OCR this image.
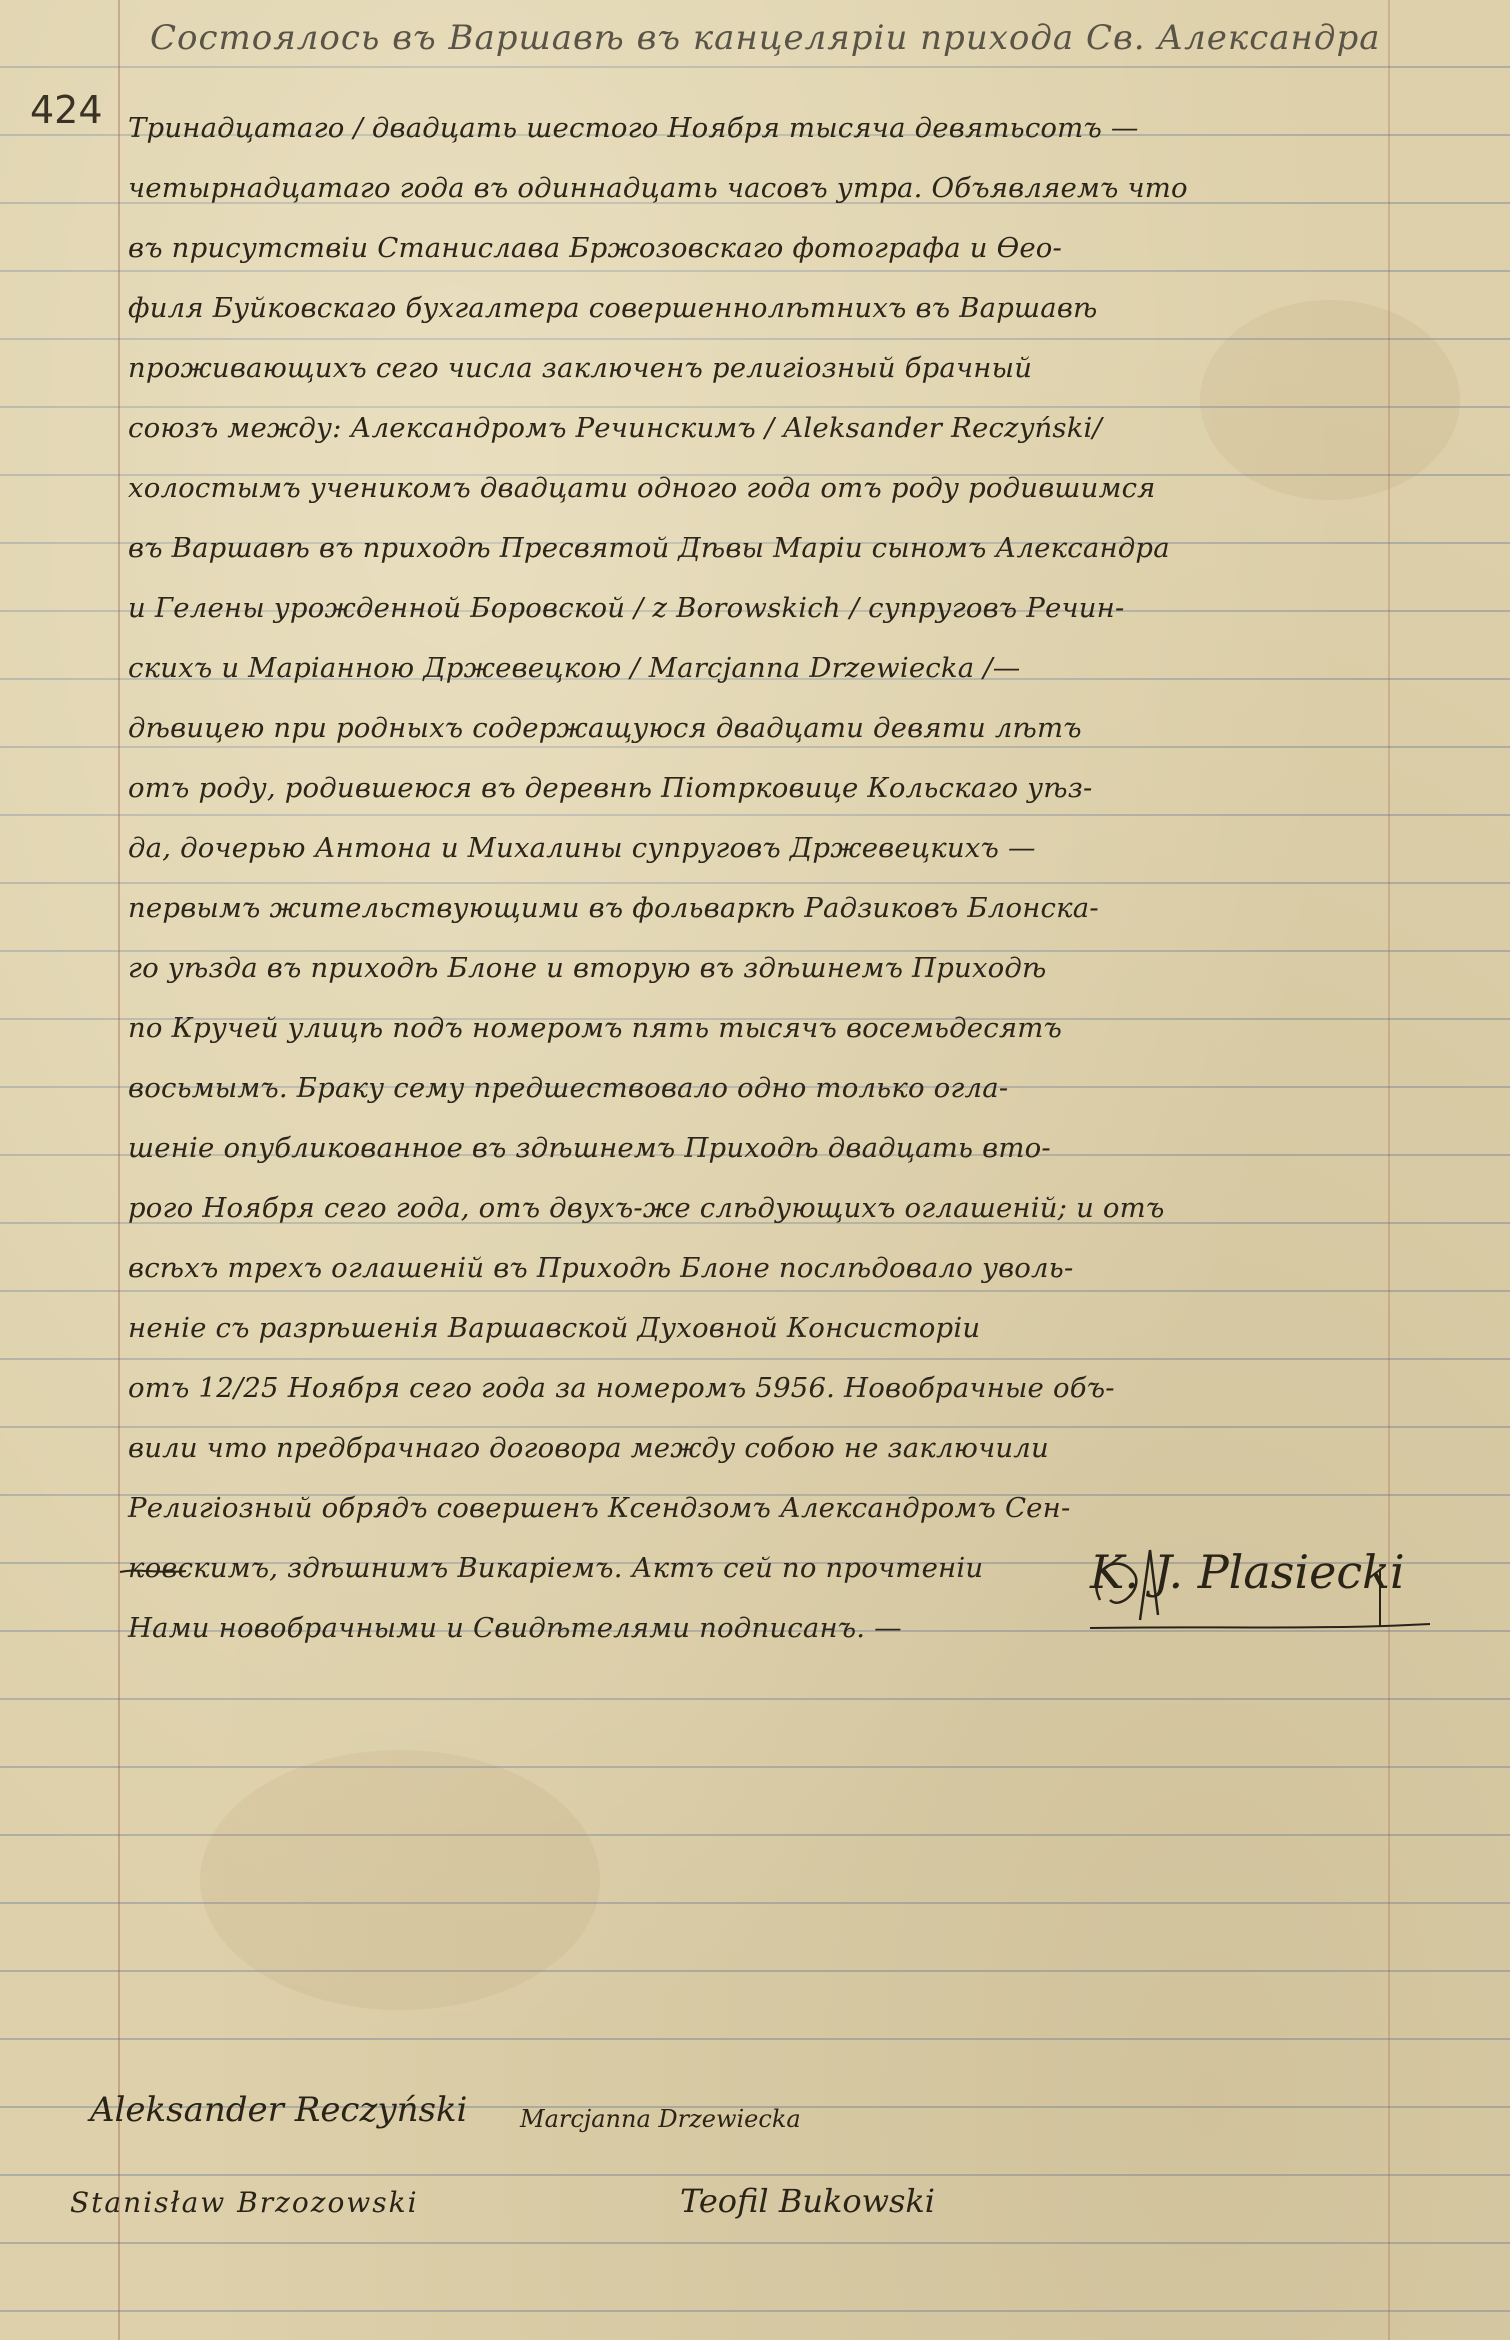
Состоялось въ Варшавѣ въ канцеляріи прихода Св. Александра
424 Тринадцатаго / двадцать шестого Ноября тысяча девятьсотъ —
четырнадцатаго года въ одиннадцать часовъ утра. Объявляемъ что
въ присутствіи Станислава Бржозовскаго фотографа и Ѳео-
филя Буйковскаго бухгалтера совершеннолѣтнихъ въ Варшавѣ
проживающихъ сего числа заключенъ религіозный брачный
союзъ между: Александромъ Речинскимъ / Aleksander Reczyński/
холостымъ ученикомъ двадцати одного года отъ роду родившимся
въ Варшавѣ въ приходѣ Пресвятой Дѣвы Маріи сыномъ Александра
и Гелены урожденной Боровской / z Borowskich / супруговъ Речин-
скихъ и Маріанною Држевецкою / Marcjanna Drzewiecka /—
дѣвицею при родныхъ содержащуюся двадцати девяти лѣтъ
отъ роду, родившеюся въ деревнѣ Піотрковице Кольскаго уѣз-
да, дочерью Антона и Михалины супруговъ Држевецкихъ —
первымъ жительствующими въ фольваркѣ Радзиковъ Блонска-
го уѣзда въ приходѣ Блоне и вторую въ здѣшнемъ Приходѣ
по Кручей улицѣ подъ номеромъ пять тысячъ восемьдесятъ
восьмымъ. Браку сему предшествовало одно только оглa-
шеніе опубликованное въ здѣшнемъ Приходѣ двадцать вто-
рого Ноября сего года, отъ двухъ-же слѣдующихъ оглашеній; и отъ
всѣхъ трехъ оглашеній въ Приходѣ Блоне послѣдовало уволь-
неніе съ разрѣшенія Варшавской Духовной Консисторіи
отъ 12/25 Ноября сего года за номеромъ 5956. Новобрачные объ-
вили что предбрачнаго договора между собою не заключили
Религіозный обрядъ совершенъ Ксендзомъ Александромъ Сен-
ковскимъ, здѣшнимъ Викаріемъ. Актъ сей по прочтеніи
Нами новобрачными и Свидѣтелями подписанъ. —
K. J. Plasiecki
Aleksander Reczyński Marcjanna Drzewiecka
Stanisław Brzozowski	Teofil Bukowski
